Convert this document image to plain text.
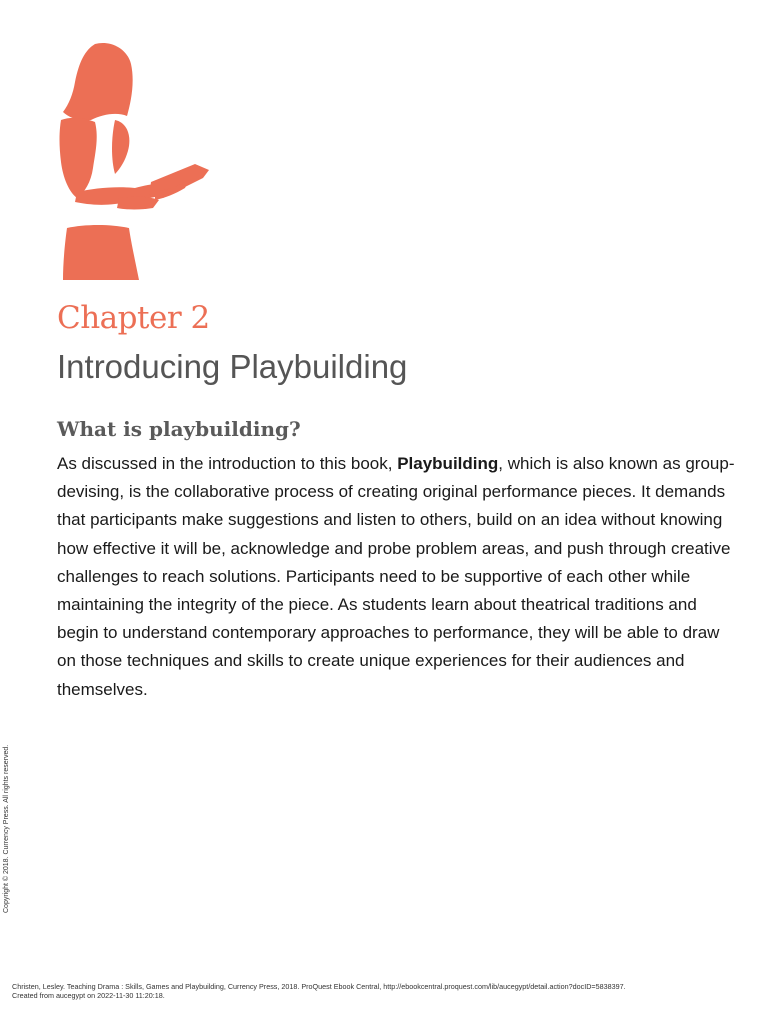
Chapter 2
Introducing Playbuilding
What is playbuilding?

As discussed in the introduction to this book, Playbuilding, which is also known as group-devising, is the collaborative process of creating original performance pieces. It demands that participants make suggestions and listen to others, build on an idea without knowing how effective it will be, acknowledge and probe problem areas, and push through creative challenges to reach solutions. Participants need to be supportive of each other while maintaining the integrity of the piece. As students learn about theatrical traditions and begin to understand contemporary approaches to performance, they will be able to draw on those techniques and skills to create unique experiences for their audiences and themselves.

Copyright © 2018. Currency Press. All rights reserved.
Christen, Lesley. Teaching Drama : Skills, Games and Playbuilding, Currency Press, 2018. ProQuest Ebook Central, http://ebookcentral.proquest.com/lib/aucegypt/detail.action?docID=5838397.
Created from aucegypt on 2022-11-30 11:20:18.
